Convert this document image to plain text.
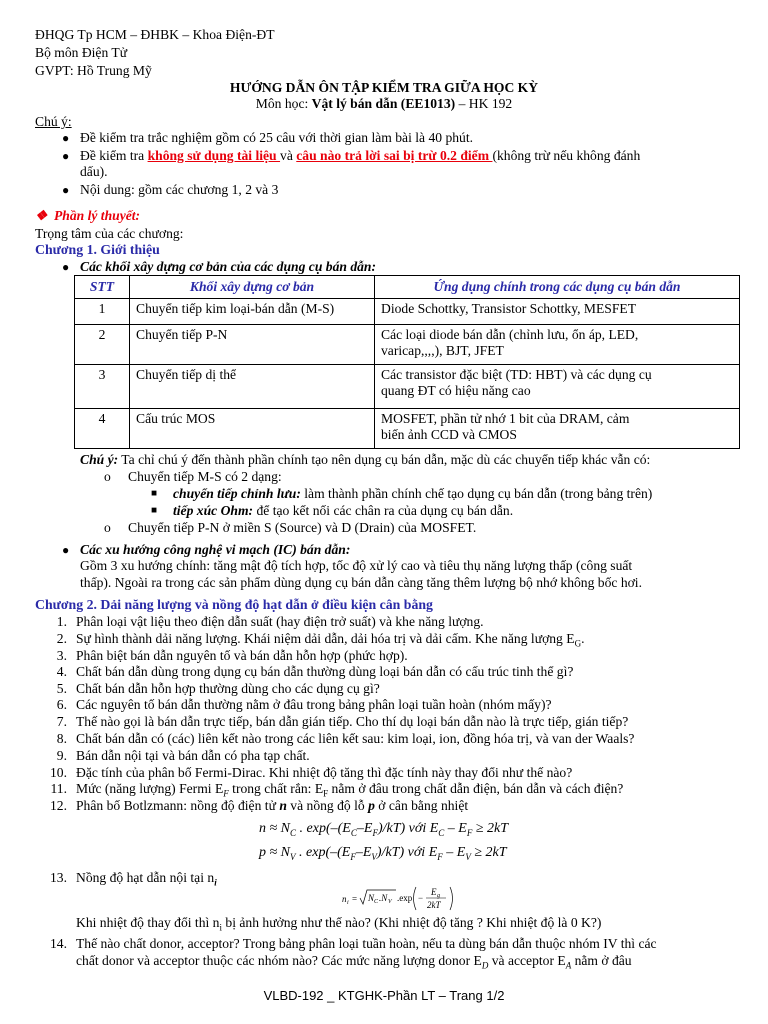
ĐHQG Tp HCM – ĐHBK – Khoa Điện-ĐT
Bộ môn Điện Tử
GVPT: Hồ Trung Mỹ
HƯỚNG DẪN ÔN TẬP KIỂM TRA GIỮA HỌC KỲ
Môn học: Vật lý bán dẫn (EE1013) – HK 192
Chú ý:
● Đề kiểm tra trắc nghiệm gồm có 25 câu với thời gian làm bài là 40 phút.
● Đề kiểm tra không sử dụng tài liệu và câu nào trả lời sai bị trừ 0.2 điểm (không trừ nếu không đánh
dấu).
● Nội dung: gồm các chương 1, 2 và 3
❖  Phần lý thuyết:
Trọng tâm của các chương:
Chương 1. Giới thiệu
● Các khối xây dựng cơ bản của các dụng cụ bán dẫn:
STT	Khối xây dựng cơ bản	Ứng dụng chính trong các dụng cụ bán dẫn
1	Chuyển tiếp kim loại-bán dẫn (M-S)	Diode Schottky, Transistor Schottky, MESFET

2	Chuyển tiếp P-N	Các loại diode bán dẫn (chỉnh lưu, ổn áp, LED,
varicap,,,,), BJT, JFET

3	Chuyển tiếp dị thể	Các transistor đặc biệt (TD: HBT) và các dụng cụ
quang ĐT có hiệu năng cao

4	Cấu trúc MOS	MOSFET, phần tử nhớ 1 bit của DRAM, cảm
biến ảnh CCD và CMOS
Chú ý: Ta chỉ chú ý đến thành phần chính tạo nên dụng cụ bán dẫn, mặc dù các chuyển tiếp khác vẫn có:
o Chuyển tiếp M-S có 2 dạng:
■ chuyển tiếp chỉnh lưu: làm thành phần chính chế tạo dụng cụ bán dẫn (trong bảng trên)
■ tiếp xúc Ohm: để tạo kết nối các chân ra của dụng cụ bán dẫn.
o Chuyển tiếp P-N ở miền S (Source) và D (Drain) của MOSFET.
● Các xu hướng công nghệ vi mạch (IC) bán dẫn:
Gồm 3 xu hướng chính: tăng mật độ tích hợp, tốc độ xử lý cao và tiêu thụ năng lượng thấp (công suất
thấp). Ngoài ra trong các sản phẩm dùng dụng cụ bán dẫn càng tăng thêm lượng bộ nhớ không bốc hơi.
Chương 2. Dải năng lượng và nồng độ hạt dẫn ở điều kiện cân bằng
1. Phân loại vật liệu theo điện dẫn suất (hay điện trở suất) và khe năng lượng.
2. Sự hình thành dải năng lượng. Khái niệm dải dẫn, dải hóa trị và dải cấm. Khe năng lượng $E_G$.
3. Phân biệt bán dẫn nguyên tố và bán dẫn hỗn hợp (phức hợp).
4. Chất bán dẫn dùng trong dụng cụ bán dẫn thường dùng loại bán dẫn có cấu trúc tinh thể gì?
5. Chất bán dẫn hỗn hợp thường dùng cho các dụng cụ gì?
6. Các nguyên tố bán dẫn thường nằm ở đâu trong bảng phân loại tuần hoàn (nhóm mấy)?
7. Thế nào gọi là bán dẫn trực tiếp, bán dẫn gián tiếp. Cho thí dụ loại bán dẫn nào là trực tiếp, gián tiếp?
8. Chất bán dẫn có (các) liên kết nào trong các liên kết sau: kim loại, ion, đồng hóa trị, và van der Waals?
9. Bán dẫn nội tại và bán dẫn có pha tạp chất.
10. Đặc tính của phân bố Fermi-Dirac. Khi nhiệt độ tăng thì đặc tính này thay đổi như thế nào?
11. Mức (năng lượng) Fermi $E_F$ trong chất rắn: $E_F$ nằm ở đâu trong chất dẫn điện, bán dẫn và cách điện?
12. Phân bố Botlzmann: nồng độ điện tử n và nồng độ lỗ p ở cân bằng nhiệt
$n \approx N_C$ . $\exp(-(E_C-E_F)/kT)$ với $E_C - E_F \ge 2kT$
$p \approx N_V$ . $\exp(-(E_F-E_V)/kT)$ với $E_F - E_V \ge 2kT$
13. Nồng độ hạt dẫn nội tại $n_i$
n i = N C .N V .exp −
E g
2kT
Khi nhiệt độ thay đổi thì $n_i$ bị ảnh hưởng như thế nào? (Khi nhiệt độ tăng ? Khi nhiệt độ là 0 K?)
14. Thế nào chất donor, acceptor? Trong bảng phân loại tuần hoàn, nếu ta dùng bán dẫn thuộc nhóm IV thì các
chất donor và acceptor thuộc các nhóm nào? Các mức năng lượng donor $E_D$ và acceptor $E_A$ nằm ở đâu
VLBD-192 _ KTGHK-Phần LT – Trang 1/2
